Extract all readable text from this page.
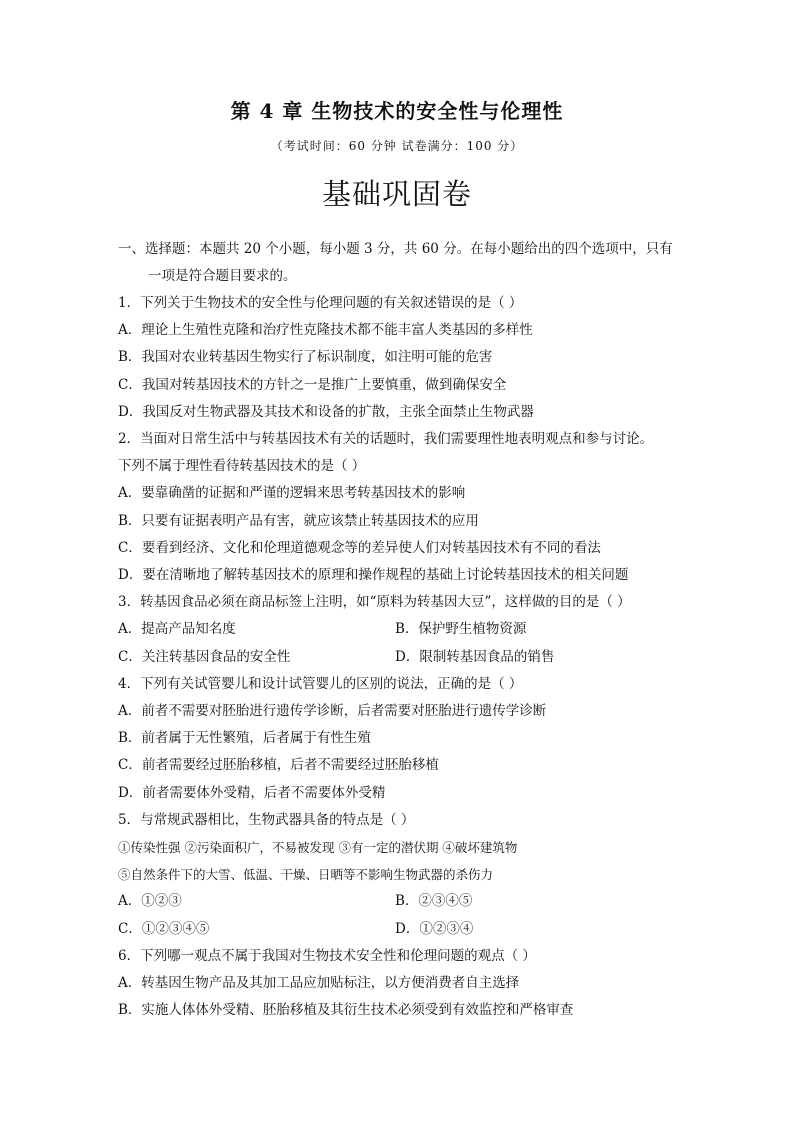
第 4 章 生物技术的安全性与伦理性
（考试时间：60 分钟 试卷满分：100 分）
基础巩固卷
一、选择题：本题共 20 个小题，每小题 3 分，共 60 分。在每小题给出的四个选项中，只有
一项是符合题目要求的。
1．下列关于生物技术的安全性与伦理问题的有关叙述错误的是（ ）
A．理论上生殖性克隆和治疗性克隆技术都不能丰富人类基因的多样性
B．我国对农业转基因生物实行了标识制度，如注明可能的危害
C．我国对转基因技术的方针之一是推广上要慎重，做到确保安全
D．我国反对生物武器及其技术和设备的扩散，主张全面禁止生物武器
2．当面对日常生活中与转基因技术有关的话题时，我们需要理性地表明观点和参与讨论。
下列不属于理性看待转基因技术的是（ ）
A．要靠确凿的证据和严谨的逻辑来思考转基因技术的影响
B．只要有证据表明产品有害，就应该禁止转基因技术的应用
C．要看到经济、文化和伦理道德观念等的差异使人们对转基因技术有不同的看法
D．要在清晰地了解转基因技术的原理和操作规程的基础上讨论转基因技术的相关问题
3．转基因食品必须在商品标签上注明，如“原料为转基因大豆”，这样做的目的是（ ）
A．提高产品知名度	B．保护野生植物资源
C．关注转基因食品的安全性	D．限制转基因食品的销售
4．下列有关试管婴儿和设计试管婴儿的区别的说法，正确的是（ ）
A．前者不需要对胚胎进行遗传学诊断，后者需要对胚胎进行遗传学诊断
B．前者属于无性繁殖，后者属于有性生殖
C．前者需要经过胚胎移植，后者不需要经过胚胎移植
D．前者需要体外受精，后者不需要体外受精
5．与常规武器相比，生物武器具备的特点是（ ）
①传染性强 ②污染面积广，不易被发现 ③有一定的潜伏期 ④破坏建筑物
⑤自然条件下的大雪、低温、干燥、日晒等不影响生物武器的杀伤力
A．①②③	B．②③④⑤
C．①②③④⑤	D．①②③④
6．下列哪一观点不属于我国对生物技术安全性和伦理问题的观点（ ）
A．转基因生物产品及其加工品应加贴标注，以方便消费者自主选择
B．实施人体体外受精、胚胎移植及其衍生技术必须受到有效监控和严格审查
